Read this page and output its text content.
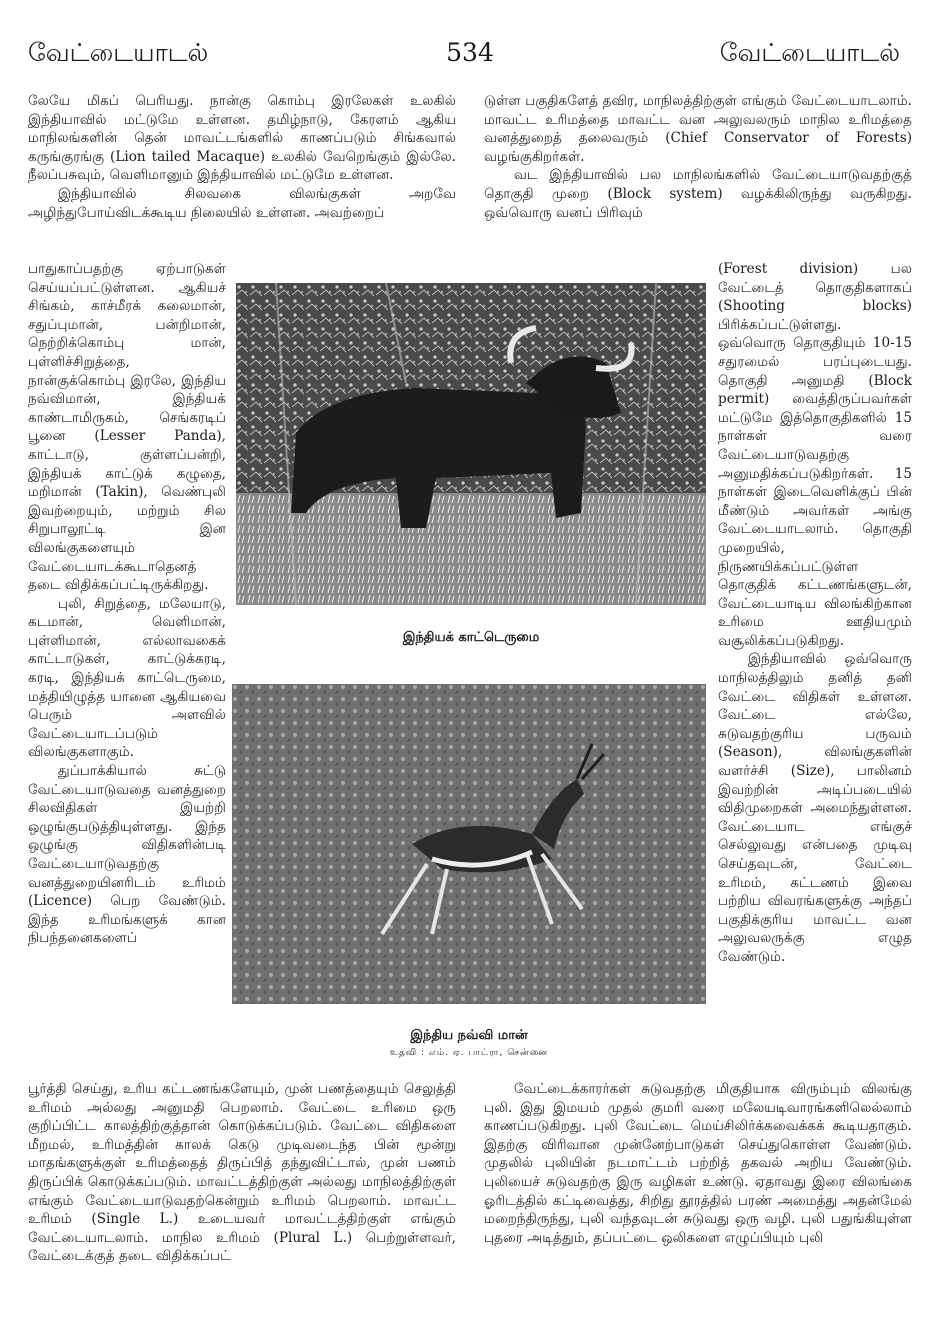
வேட்டையாடல்	534	வேட்டையாடல்

லேயே மிகப் பெரியது. நான்கு கொம்பு இரலேகள் உலகில் இந்தியாவில் மட்டுமே உள்ளன. தமிழ்நாடு, கேரளம் ஆகிய மாநிலங்களின் தென் மாவட்டங்களில் காணப்படும் சிங்கவால் கருங்குரங்கு (Lion tailed Macaque) உலகில் வேறெங்கும் இல்லே. நீலப்பசுவும், வெளிமானும் இந்தியாவில் மட்டுமே உள்ளன.

இந்தியாவில் சிலவகை விலங்குகள் அறவே அழிந்துபோய்விடக்கூடிய நிலையில் உள்ளன. அவற்றைப்

பாதுகாப்பதற்கு ஏற்பாடுகள் செய்யப்பட்டுள்ளன. ஆகியச் சிங்கம், காச்மீரக் கலைமான், சதுப்புமான், பன்றிமான், நெற்றிக்கொம்பு மான், புள்ளிச்சிறுத்தை, நான்குக்கொம்பு இரலே, இந்திய நவ்விமான், இந்தியக் காண்டாமிருகம், செங்கரடிப் பூனை (Lesser Panda), காட்டாடு, குள்ளப்பன்றி, இந்தியக் காட்டுக் கழுதை, மறிமான் (Takin), வெண்புலி இவற்றையும், மற்றும் சில சிறுபாலூட்டி இன விலங்குகளையும் வேட்டையாடக்கூடாதெனத் தடை விதிக்கப்பட்டிருக்கிறது.

புலி, சிறுத்தை, மலேயாடு, கடமான், வெளிமான், புள்ளிமான், எல்லாவகைக் காட்டாடுகள், காட்டுக்கரடி, கரடி, இந்தியக் காட்டெருமை, மத்தியிழுத்த யானை ஆகியவை பெரும் அளவில் வேட்டையாடப்படும் விலங்குகளாகும்.

துப்பாக்கியால் சுட்டு வேட்டையாடுவதை வனத்துறை சிலவிதிகள் இயற்றி ஒழுங்குபடுத்தியுள்ளது. இந்த ஒழுங்கு விதிகளின்படி வேட்டையாடுவதற்கு வனத்துறையினரிடம் உரிமம் (Licence) பெற வேண்டும். இந்த உரிமங்களுக் கான நிபந்தனைகளைப்

பூர்த்தி செய்து, உரிய கட்டணங்களேயும், முன் பணத்தையும் செலுத்தி உரிமம் அல்லது அனுமதி பெறலாம். வேட்டை உரிமை ஒரு குறிப்பிட்ட காலத்திற்குத்தான் கொடுக்கப்படும். வேட்டை விதிகளை மீறமல், உரிமத்தின் காலக் கெடு முடிவடைந்த பின் மூன்று மாதங்களுக்குள் உரிமத்தைத் திருப்பித் தந்துவிட்டால், முன் பணம் திருப்பிக் கொடுக்கப்படும். மாவட்டத்திற்குள் அல்லது மாநிலத்திற்குள் எங்கும் வேட்டையாடுவதற்கென்றும் உரிமம் பெறலாம். மாவட்ட உரிமம் (Single L.) உடையவர் மாவட்டத்திற்குள் எங்கும் வேட்டையாடலாம். மாநில உரிமம் (Plural L.) பெற்றுள்ளவர், வேட்டைக்குத் தடை விதிக்கப்பட்

டுள்ள பகுதிகளேத் தவிர, மாநிலத்திற்குள் எங்கும் வேட்டையாடலாம். மாவட்ட உரிமத்தை மாவட்ட வன அலுவலரும் மாநில உரிமத்தை வனத்துறைத் தலைவரும் (Chief Conservator of Forests) வழங்குகிறர்கள்.

வட இந்தியாவில் பல மாநிலங்களில் வேட்டையாடுவதற்குத் தொகுதி முறை (Block system) வழக்கிலிருந்து வருகிறது. ஒவ்வொரு வனப் பிரிவும்

(Forest division) பல வேட்டைத் தொகுதிகளாகப் (Shooting blocks) பிரிக்கப்பட்டுள்ளது. ஒவ்வொரு தொகுதியும் 10-15 சதுரமைல் பரப்புடையது. தொகுதி அனுமதி (Block permit) வைத்திருப்பவர்கள் மட்டுமே இத்தொகுதிகளில் 15 நாள்கள் வரை வேட்டையாடுவதற்கு அனுமதிக்கப்படுகிறர்கள். 15 நாள்கள் இடைவெளிக்குப் பின் மீண்டும் அவர்கள் அங்கு வேட்டையாடலாம். தொகுதி முறையில், நிருணயிக்கப்பட்டுள்ள தொகுதிக் கட்டணங்களுடன், வேட்டையாடிய விலங்கிற்கான உரிமை ஊதியமும் வசூலிக்கப்படுகிறது.

இந்தியாவில் ஒவ்வொரு மாநிலத்திலும் தனித் தனி வேட்டை விதிகள் உள்ளன. வேட்டை எல்லே, சுடுவதற்குரிய பருவம் (Season), விலங்குகளின் வளர்ச்சி (Size), பாலினம் இவற்றின் அடிப்படையில் விதிமுறைகள் அமைந்துள்ளன. வேட்டையாட எங்குச் செல்லுவது என்பதை முடிவு செய்தவுடன், வேட்டை உரிமம், கட்டணம் இவை பற்றிய விவரங்களுக்கு அந்தப் பகுதிக்குரிய மாவட்ட வன அலுவலருக்கு எழுத வேண்டும்.

வேட்டைக்காரர்கள் சுடுவதற்கு மிகுதியாக விரும்பும் விலங்கு புலி. இது இமயம் முதல் குமரி வரை மலேயடிவாரங்களிலெல்லாம் காணப்படுகிறது. புலி வேட்டை மெய்சிலிர்க்கவைக்கக் கூடியதாகும். இதற்கு விரிவான முன்னேற்பாடுகள் செய்துகொள்ள வேண்டும். முதலில் புலியின் நடமாட்டம் பற்றித் தகவல் அறிய வேண்டும். புலியைச் சுடுவதற்கு இரு வழிகள் உண்டு. ஏதாவது இரை விலங்கை ஓரிடத்தில் கட்டிவைத்து, சிறிது தூரத்தில் பரண் அமைத்து அதன்மேல் மறைந்திருந்து, புலி வந்தவுடன் சுடுவது ஒரு வழி. புலி பதுங்கியுள்ள புதரை அடித்தும், தப்பட்டை ஒலிகளை எழுப்பியும் புலி

இந்தியக் காட்டெருமை
இந்திய நவ்வி மான்
உதவி : எம். ஏ. பாட்ரா, சென்னை
